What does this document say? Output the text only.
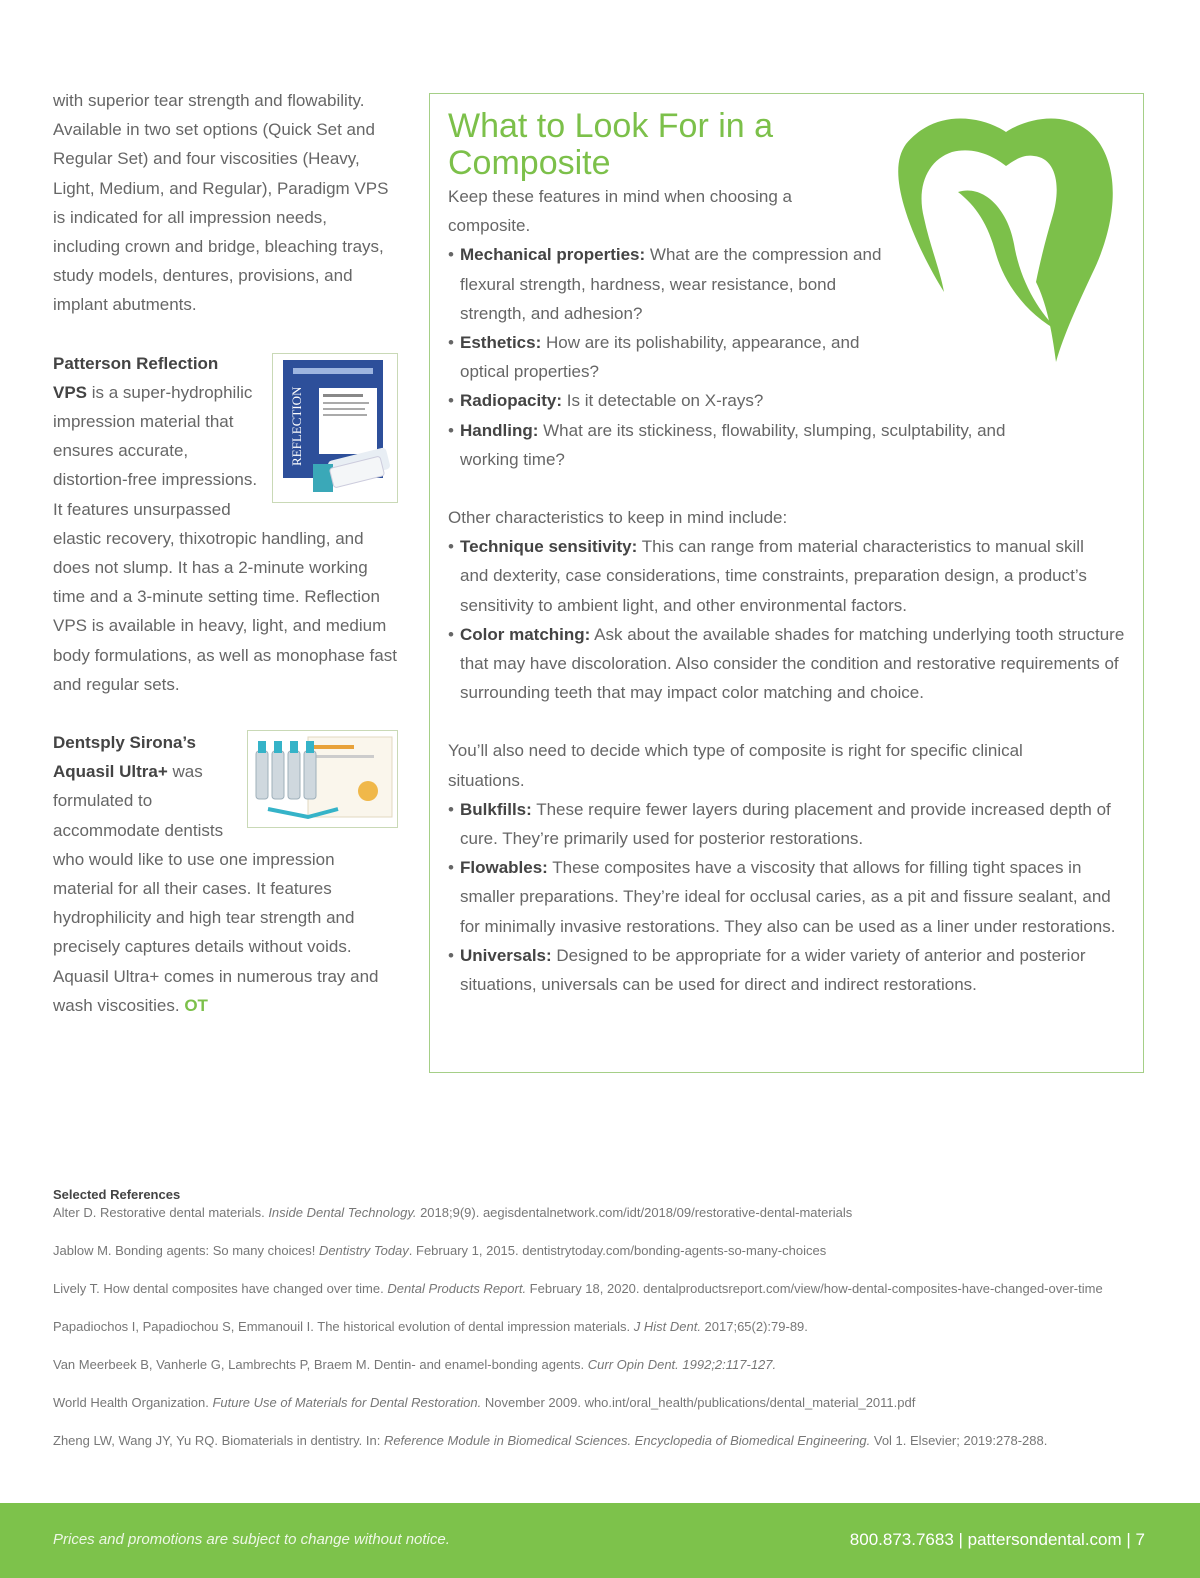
with superior tear strength and flowability. Available in two set options (Quick Set and Regular Set) and four viscosities (Heavy, Light, Medium, and Regular), Paradigm VPS is indicated for all impression needs, including crown and bridge, bleaching trays, study models, dentures, provisions, and implant abutments.

REFLECTION
Patterson Reflection
VPS is a super-hydrophilic impression material that ensures accurate, distortion-free impressions. It features unsurpassed elastic recovery, thixotropic handling, and does not slump. It has a 2-minute working time and a 3-minute setting time. Reflection VPS is available in heavy, light, and medium body formulations, as well as monophase fast and regular sets.

Dentsply Sirona’s Aquasil Ultra+ was formulated to accommodate dentists who would like to use one impression material for all their cases. It features hydrophilicity and high tear strength and precisely captures details without voids. Aquasil Ultra+ comes in numerous tray and wash viscosities. OT

What to Look For in a Composite

Keep these features in mind when choosing a composite.

• Mechanical properties: What are the compression and flexural strength, hardness, wear resistance, bond strength, and adhesion?
• Esthetics: How are its polishability, appearance, and optical properties?
• Radiopacity: Is it detectable on X-rays?
• Handling: What are its stickiness, flowability, slumping, sculptability, and working time?

Other characteristics to keep in mind include:

• Technique sensitivity: This can range from material characteristics to manual skill and dexterity, case considerations, time constraints, preparation design, a product’s sensitivity to ambient light, and other environmental factors.
• Color matching: Ask about the available shades for matching underlying tooth structure that may have discoloration. Also consider the condition and restorative requirements of surrounding teeth that may impact color matching and choice.

You’ll also need to decide which type of composite is right for specific clinical situations.

• Bulkfills: These require fewer layers during placement and provide increased depth of cure. They’re primarily used for posterior restorations.
• Flowables: These composites have a viscosity that allows for filling tight spaces in smaller preparations. They’re ideal for occlusal caries, as a pit and fissure sealant, and for minimally invasive restorations. They also can be used as a liner under restorations.
• Universals: Designed to be appropriate for a wider variety of anterior and posterior situations, universals can be used for direct and indirect restorations.
Selected References

Alter D. Restorative dental materials. Inside Dental Technology. 2018;9(9). aegisdentalnetwork.com/idt/2018/09/restorative-dental-materials

Jablow M. Bonding agents: So many choices! Dentistry Today. February 1, 2015. dentistrytoday.com/bonding-agents-so-many-choices

Lively T. How dental composites have changed over time. Dental Products Report. February 18, 2020. dentalproductsreport.com/view/how-dental-composites-have-changed-over-time

Papadiochos I, Papadiochou S, Emmanouil I. The historical evolution of dental impression materials. J Hist Dent. 2017;65(2):79-89.

Van Meerbeek B, Vanherle G, Lambrechts P, Braem M. Dentin- and enamel-bonding agents. Curr Opin Dent. 1992;2:117-127.

World Health Organization. Future Use of Materials for Dental Restoration. November 2009. who.int/oral_health/publications/dental_material_2011.pdf

Zheng LW, Wang JY, Yu RQ. Biomaterials in dentistry. In: Reference Module in Biomedical Sciences. Encyclopedia of Biomedical Engineering. Vol 1. Elsevier; 2019:278-288.

Prices and promotions are subject to change without notice.	800.873.7683 | pattersondental.com | 7
